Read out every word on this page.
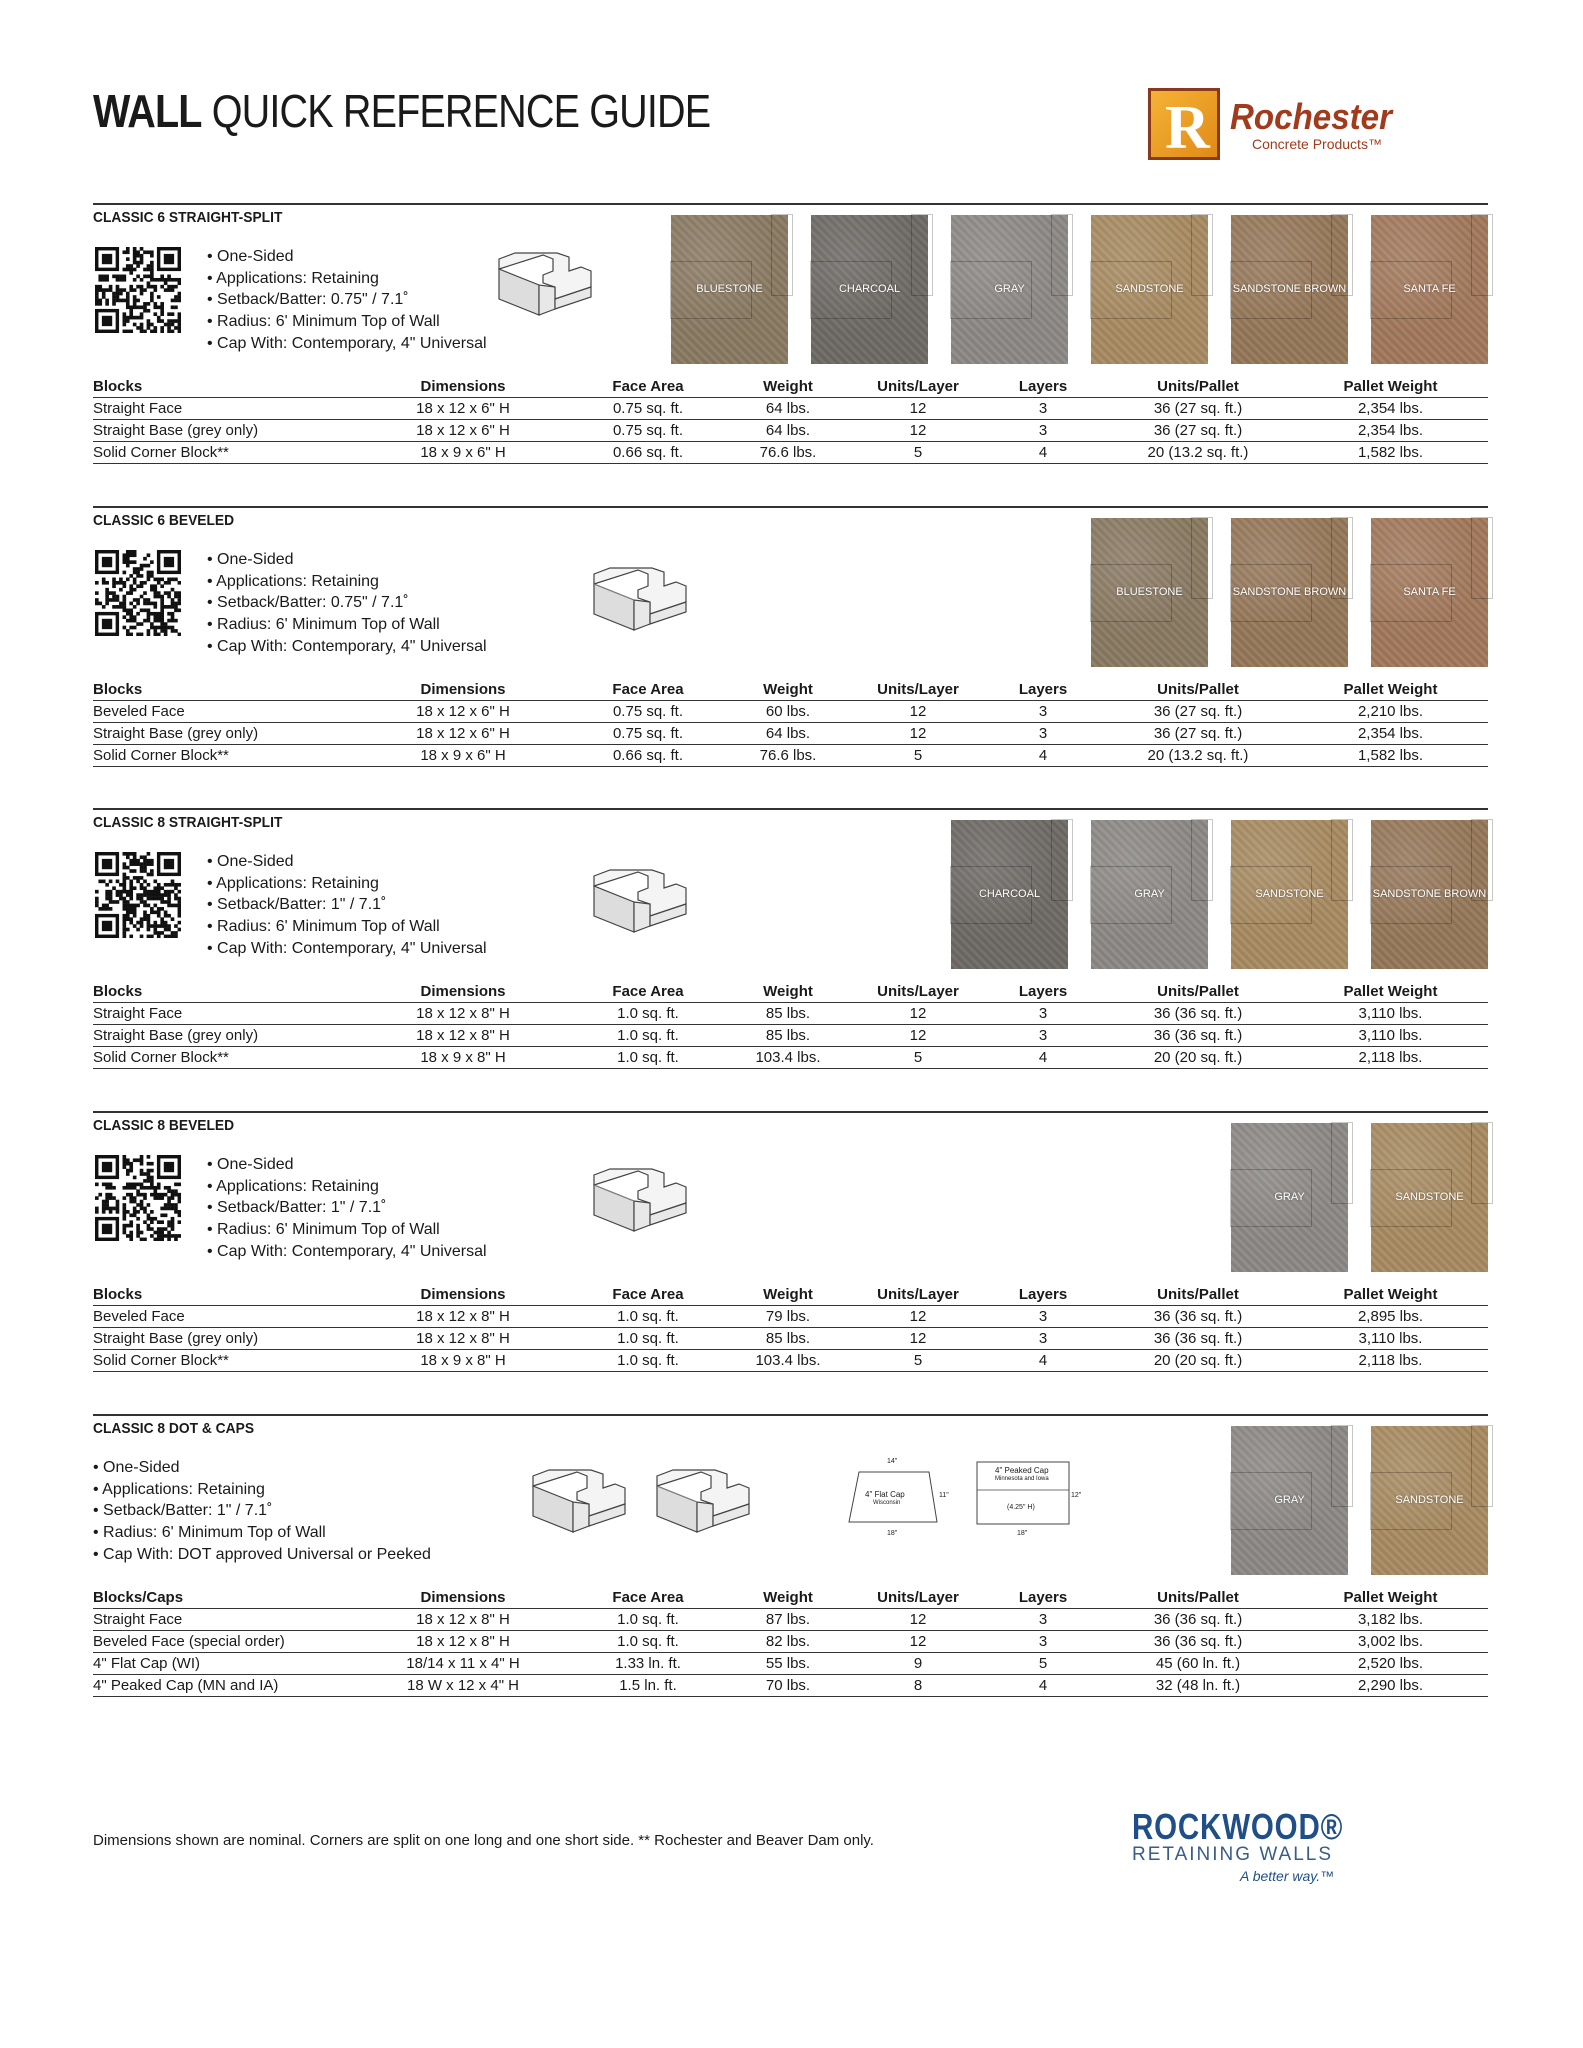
WALL QUICK REFERENCE GUIDE	R Rochester
Concrete Products™
CLASSIC 6 STRAIGHT-SPLIT
• One-Sided
• Applications: Retaining
• Setback/Batter: 0.75" / 7.1˚
• Radius: 6' Minimum Top of Wall
• Cap With: Contemporary, 4" Universal
BLUESTONE	CHARCOAL	GRAY	SANDSTONE	SANDSTONE BROWN	SANTA FE
Blocks	Dimensions	Face Area	Weight	Units/Layer	Layers	Units/Pallet	Pallet Weight
Straight Face	18 x 12 x 6" H	0.75 sq. ft.	64 lbs.	12	3	36 (27 sq. ft.)	2,354 lbs.
Straight Base (grey only)	18 x 12 x 6" H	0.75 sq. ft.	64 lbs.	12	3	36 (27 sq. ft.)	2,354 lbs.
Solid Corner Block**	18 x 9 x 6" H	0.66 sq. ft.	76.6 lbs.	5	4	20 (13.2 sq. ft.)	1,582 lbs.
CLASSIC 6 BEVELED
• One-Sided
• Applications: Retaining
• Setback/Batter: 0.75" / 7.1˚
• Radius: 6' Minimum Top of Wall
• Cap With: Contemporary, 4" Universal
BLUESTONE	SANDSTONE BROWN	SANTA FE
Blocks	Dimensions	Face Area	Weight	Units/Layer	Layers	Units/Pallet	Pallet Weight
Beveled Face	18 x 12 x 6" H	0.75 sq. ft.	60 lbs.	12	3	36 (27 sq. ft.)	2,210 lbs.
Straight Base (grey only)	18 x 12 x 6" H	0.75 sq. ft.	64 lbs.	12	3	36 (27 sq. ft.)	2,354 lbs.
Solid Corner Block**	18 x 9 x 6" H	0.66 sq. ft.	76.6 lbs.	5	4	20 (13.2 sq. ft.)	1,582 lbs.
CLASSIC 8 STRAIGHT-SPLIT
• One-Sided
• Applications: Retaining
• Setback/Batter: 1" / 7.1˚
• Radius: 6' Minimum Top of Wall
• Cap With: Contemporary, 4" Universal
CHARCOAL	GRAY	SANDSTONE	SANDSTONE BROWN
Blocks	Dimensions	Face Area	Weight	Units/Layer	Layers	Units/Pallet	Pallet Weight
Straight Face	18 x 12 x 8" H	1.0 sq. ft.	85 lbs.	12	3	36 (36 sq. ft.)	3,110 lbs.
Straight Base (grey only)	18 x 12 x 8" H	1.0 sq. ft.	85 lbs.	12	3	36 (36 sq. ft.)	3,110 lbs.
Solid Corner Block**	18 x 9 x 8" H	1.0 sq. ft.	103.4 lbs.	5	4	20 (20 sq. ft.)	2,118 lbs.
CLASSIC 8 BEVELED
• One-Sided
• Applications: Retaining
• Setback/Batter: 1" / 7.1˚
• Radius: 6' Minimum Top of Wall
• Cap With: Contemporary, 4" Universal
GRAY	SANDSTONE
Blocks	Dimensions	Face Area	Weight	Units/Layer	Layers	Units/Pallet	Pallet Weight
Beveled Face	18 x 12 x 8" H	1.0 sq. ft.	79 lbs.	12	3	36 (36 sq. ft.)	2,895 lbs.
Straight Base (grey only)	18 x 12 x 8" H	1.0 sq. ft.	85 lbs.	12	3	36 (36 sq. ft.)	3,110 lbs.
Solid Corner Block**	18 x 9 x 8" H	1.0 sq. ft.	103.4 lbs.	5	4	20 (20 sq. ft.)	2,118 lbs.
CLASSIC 8 DOT & CAPS
• One-Sided
• Applications: Retaining
• Setback/Batter: 1" / 7.1˚
• Radius: 6' Minimum Top of Wall
• Cap With: DOT approved Universal or Peeked
4" Flat Cap
Wisconsin
14"
18"
11"
4" Peaked Cap
Minnesota and Iowa
(4.25" H)
18"
12"	GRAY	SANDSTONE
Blocks/Caps	Dimensions	Face Area	Weight	Units/Layer	Layers	Units/Pallet	Pallet Weight
Straight Face	18 x 12 x 8" H	1.0 sq. ft.	87 lbs.	12	3	36 (36 sq. ft.)	3,182 lbs.
Beveled Face (special order)	18 x 12 x 8" H	1.0 sq. ft.	82 lbs.	12	3	36 (36 sq. ft.)	3,002 lbs.
4" Flat Cap (WI)	18/14 x 11 x 4" H	1.33 ln. ft.	55 lbs.	9	5	45 (60 ln. ft.)	2,520 lbs.
4" Peaked Cap (MN and IA)	18 W x 12 x 4" H	1.5 ln. ft.	70 lbs.	8	4	32 (48 ln. ft.)	2,290 lbs.
Dimensions shown are nominal. Corners are split on one long and one short side. ** Rochester and Beaver Dam only.	ROCKWOOD®
RETAINING WALLS
A better way.™
